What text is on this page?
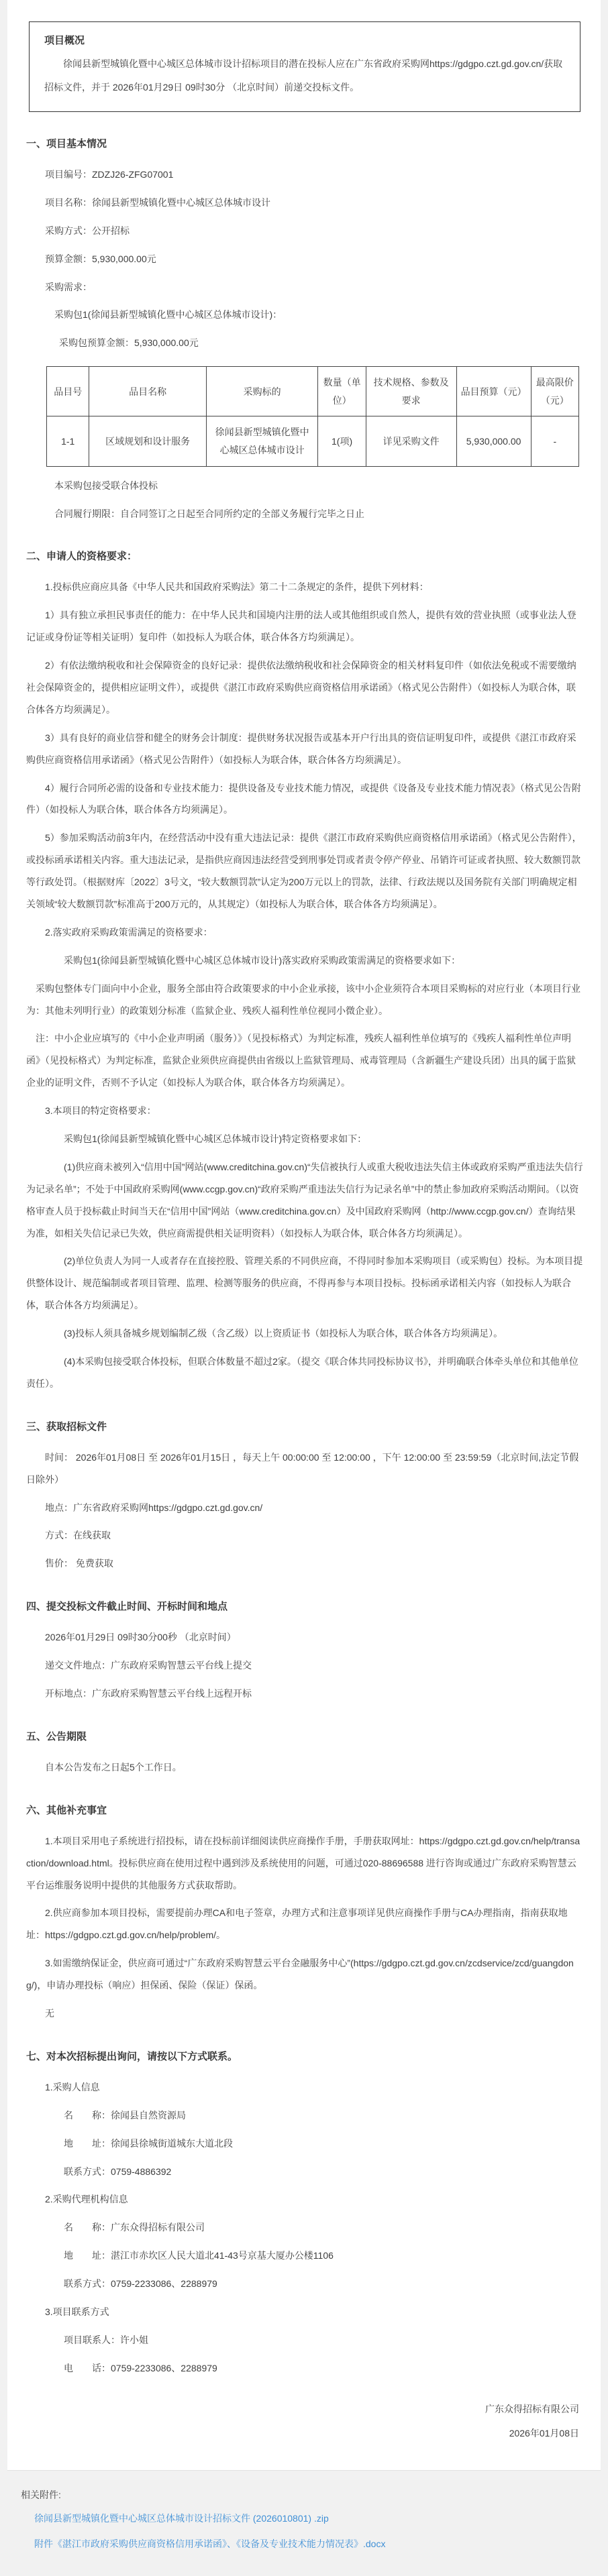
项目概况

徐闻县新型城镇化暨中心城区总体城市设计招标项目的潜在投标人应在广东省政府采购网https://gdgpo.czt.gd.gov.cn/获取招标文件，并于 2026年01月29日 09时30分 （北京时间）前递交投标文件。

一、项目基本情况

项目编号：ZDZJ26-ZFG07001

项目名称：徐闻县新型城镇化暨中心城区总体城市设计

采购方式：公开招标

预算金额：5,930,000.00元

采购需求：

采购包1(徐闻县新型城镇化暨中心城区总体城市设计)：

采购包预算金额：5,930,000.00元

品目号	品目名称	采购标的	数量（单位）	技术规格、参数及要求	品目预算（元）	最高限价（元）
1-1	区域规划和设计服务	徐闻县新型城镇化暨中心城区总体城市设计	1(项)	详见采购文件	5,930,000.00	-

本采购包接受联合体投标

合同履行期限：自合同签订之日起至合同所约定的全部义务履行完毕之日止

二、申请人的资格要求：

1.投标供应商应具备《中华人民共和国政府采购法》第二十二条规定的条件，提供下列材料：

1）具有独立承担民事责任的能力：在中华人民共和国境内注册的法人或其他组织或自然人，提供有效的营业执照（或事业法人登记证或身份证等相关证明）复印件（如投标人为联合体，联合体各方均须满足）。

2）有依法缴纳税收和社会保障资金的良好记录：提供依法缴纳税收和社会保障资金的相关材料复印件（如依法免税或不需要缴纳社会保障资金的，提供相应证明文件），或提供《湛江市政府采购供应商资格信用承诺函》（格式见公告附件）（如投标人为联合体，联合体各方均须满足）。

3）具有良好的商业信誉和健全的财务会计制度：提供财务状况报告或基本开户行出具的资信证明复印件，或提供《湛江市政府采购供应商资格信用承诺函》（格式见公告附件）（如投标人为联合体，联合体各方均须满足）。

4）履行合同所必需的设备和专业技术能力：提供设备及专业技术能力情况，或提供《设备及专业技术能力情况表》（格式见公告附件）（如投标人为联合体，联合体各方均须满足）。

5）参加采购活动前3年内，在经营活动中没有重大违法记录：提供《湛江市政府采购供应商资格信用承诺函》（格式见公告附件），或投标函承诺相关内容。重大违法记录，是指供应商因违法经营受到刑事处罚或者责令停产停业、吊销许可证或者执照、较大数额罚款等行政处罚。（根据财库〔2022〕3号文，“较大数额罚款”认定为200万元以上的罚款，法律、行政法规以及国务院有关部门明确规定相关领域“较大数额罚款”标准高于200万元的，从其规定）（如投标人为联合体，联合体各方均须满足）。

2.落实政府采购政策需满足的资格要求：

采购包1(徐闻县新型城镇化暨中心城区总体城市设计)落实政府采购政策需满足的资格要求如下：

采购包整体专门面向中小企业，服务全部由符合政策要求的中小企业承接，该中小企业须符合本项目采购标的对应行业（本项目行业为：其他未列明行业）的政策划分标准（监狱企业、残疾人福利性单位视同小微企业）。

注：中小企业应填写的《中小企业声明函（服务）》（见投标格式）为判定标准，残疾人福利性单位填写的《残疾人福利性单位声明函》（见投标格式）为判定标准，监狱企业须供应商提供由省级以上监狱管理局、戒毒管理局（含新疆生产建设兵团）出具的属于监狱企业的证明文件，否则不予认定（如投标人为联合体，联合体各方均须满足）。

3.本项目的特定资格要求：

采购包1(徐闻县新型城镇化暨中心城区总体城市设计)特定资格要求如下：

(1)供应商未被列入“信用中国”网站(www.creditchina.gov.cn)“失信被执行人或重大税收违法失信主体或政府采购严重违法失信行为记录名单”；不处于中国政府采购网(www.ccgp.gov.cn)“政府采购严重违法失信行为记录名单”中的禁止参加政府采购活动期间。（以资格审查人员于投标截止时间当天在“信用中国”网站（www.creditchina.gov.cn）及中国政府采购网（http://www.ccgp.gov.cn/）查询结果为准，如相关失信记录已失效，供应商需提供相关证明资料）（如投标人为联合体，联合体各方均须满足）。

(2)单位负责人为同一人或者存在直接控股、管理关系的不同供应商，不得同时参加本采购项目（或采购包）投标。为本项目提供整体设计、规范编制或者项目管理、监理、检测等服务的供应商，不得再参与本项目投标。投标函承诺相关内容（如投标人为联合体，联合体各方均须满足）。

(3)投标人须具备城乡规划编制乙级（含乙级）以上资质证书（如投标人为联合体，联合体各方均须满足）。

(4)本采购包接受联合体投标，但联合体数量不超过2家。（提交《联合体共同投标协议书》，并明确联合体牵头单位和其他单位责任）。

三、获取招标文件

时间： 2026年01月08日 至 2026年01月15日 ，每天上午 00:00:00 至 12:00:00 ，下午 12:00:00 至 23:59:59（北京时间,法定节假日除外）

地点：广东省政府采购网https://gdgpo.czt.gd.gov.cn/

方式：在线获取

售价： 免费获取

四、提交投标文件截止时间、开标时间和地点

2026年01月29日 09时30分00秒 （北京时间）

递交文件地点：广东政府采购智慧云平台线上提交

开标地点：广东政府采购智慧云平台线上远程开标

五、公告期限

自本公告发布之日起5个工作日。

六、其他补充事宜

1.本项目采用电子系统进行招投标，请在投标前详细阅读供应商操作手册，手册获取网址：https://gdgpo.czt.gd.gov.cn/help/transaction/download.html。投标供应商在使用过程中遇到涉及系统使用的问题，可通过020-88696588 进行咨询或通过广东政府采购智慧云平台运维服务说明中提供的其他服务方式获取帮助。

2.供应商参加本项目投标，需要提前办理CA和电子签章，办理方式和注意事项详见供应商操作手册与CA办理指南，指南获取地址：https://gdgpo.czt.gd.gov.cn/help/problem/。

3.如需缴纳保证金，供应商可通过“广东政府采购智慧云平台金融服务中心”(https://gdgpo.czt.gd.gov.cn/zcdservice/zcd/guangdong/)，申请办理投标（响应）担保函、保险（保证）保函。

无

七、对本次招标提出询问，请按以下方式联系。

1.采购人信息

名　　称：徐闻县自然资源局

地　　址：徐闻县徐城街道城东大道北段

联系方式：0759-4886392

2.采购代理机构信息

名　　称：广东众得招标有限公司

地　　址：湛江市赤坎区人民大道北41-43号京基大厦办公楼1106

联系方式：0759-2233086、2288979

3.项目联系方式

项目联系人：许小姐

电　　话：0759-2233086、2288979

广东众得招标有限公司
2026年01月08日

相关附件:

徐闻县新型城镇化暨中心城区总体城市设计招标文件 (2026010801) .zip
附件《湛江市政府采购供应商资格信用承诺函》、《设备及专业技术能力情况表》.docx
